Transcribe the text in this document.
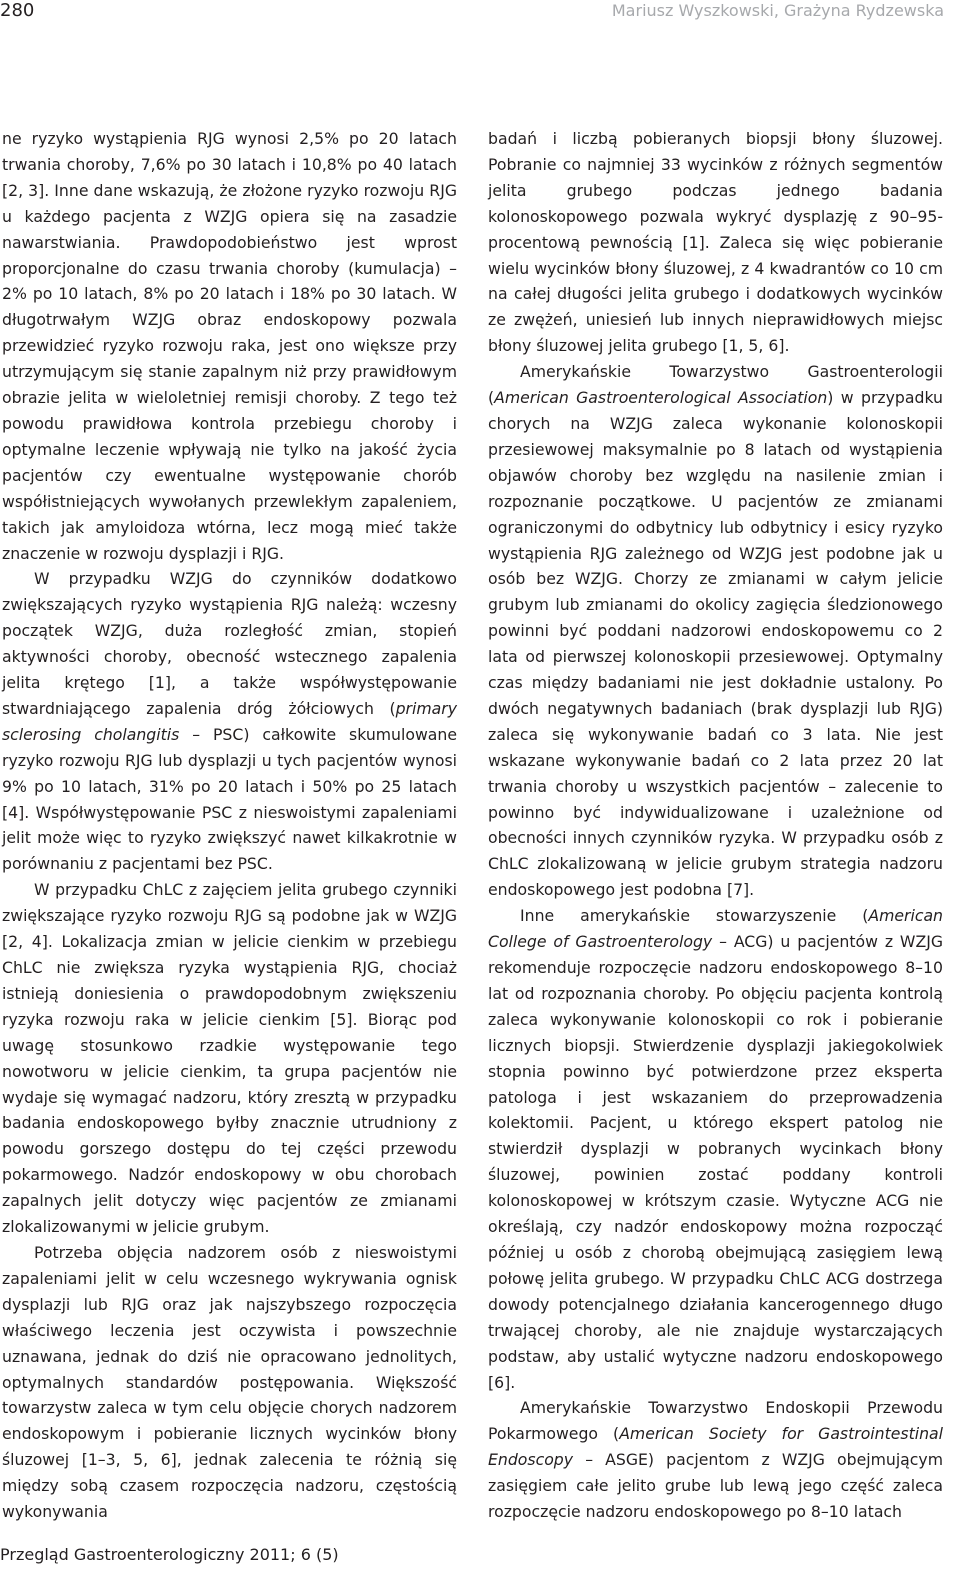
280	Mariusz Wyszkowski, Grażyna Rydzewska

ne ryzyko wystąpienia RJG wynosi 2,5% po 20 latach trwania choroby, 7,6% po 30 latach i 10,8% po 40 latach [2, 3]. Inne dane wskazują, że złożone ryzyko rozwoju RJG u każdego pacjenta z WZJG opiera się na zasadzie nawarstwiania. Prawdopodobieństwo jest wprost proporcjonalne do czasu trwania choroby (kumulacja) – 2% po 10 latach, 8% po 20 latach i 18% po 30 latach. W długotrwałym WZJG obraz endoskopowy pozwala przewidzieć ryzyko rozwoju raka, jest ono większe przy utrzymującym się stanie zapalnym niż przy prawidłowym obrazie jelita w wieloletniej remisji choroby. Z tego też powodu prawidłowa kontrola przebiegu choroby i optymalne leczenie wpływają nie tylko na jakość życia pacjentów czy ewentualne występowanie chorób współistniejących wywołanych przewlekłym zapaleniem, takich jak amyloidoza wtórna, lecz mogą mieć także znaczenie w rozwoju dysplazji i RJG.

W przypadku WZJG do czynników dodatkowo zwiększających ryzyko wystąpienia RJG należą: wczesny początek WZJG, duża rozległość zmian, stopień aktywności choroby, obecność wstecznego zapalenia jelita krętego [1], a także współwystępowanie stwardniającego zapalenia dróg żółciowych (primary sclerosing cholangitis – PSC) całkowite skumulowane ryzyko rozwoju RJG lub dysplazji u tych pacjentów wynosi 9% po 10 latach, 31% po 20 latach i 50% po 25 latach [4]. Współwystępowanie PSC z nieswoistymi zapaleniami jelit może więc to ryzyko zwiększyć nawet kilkakrotnie w porównaniu z pacjentami bez PSC.

W przypadku ChLC z zajęciem jelita grubego czynniki zwiększające ryzyko rozwoju RJG są podobne jak w WZJG [2, 4]. Lokalizacja zmian w jelicie cienkim w przebiegu ChLC nie zwiększa ryzyka wystąpienia RJG, chociaż istnieją doniesienia o prawdopodobnym zwiększeniu ryzyka rozwoju raka w jelicie cienkim [5]. Biorąc pod uwagę stosunkowo rzadkie występowanie tego nowotworu w jelicie cienkim, ta grupa pacjentów nie wydaje się wymagać nadzoru, który zresztą w przypadku badania endoskopowego byłby znacznie utrudniony z powodu gorszego dostępu do tej części przewodu pokarmowego. Nadzór endoskopowy w obu chorobach zapalnych jelit dotyczy więc pacjentów ze zmianami zlokalizowanymi w jelicie grubym.

Potrzeba objęcia nadzorem osób z nieswoistymi zapaleniami jelit w celu wczesnego wykrywania ognisk dysplazji lub RJG oraz jak najszybszego rozpoczęcia właściwego leczenia jest oczywista i powszechnie uznawana, jednak do dziś nie opracowano jednolitych, optymalnych standardów postępowania. Większość towarzystw zaleca w tym celu objęcie chorych nadzorem endoskopowym i pobieranie licznych wycinków błony śluzowej [1–3, 5, 6], jednak zalecenia te różnią się między sobą czasem rozpoczęcia nadzoru, częstością wykonywania

badań i liczbą pobieranych biopsji błony śluzowej. Pobranie co najmniej 33 wycinków z różnych segmentów jelita grubego podczas jednego badania kolonoskopowego pozwala wykryć dysplazję z 90–95-procentową pewnością [1]. Zaleca się więc pobieranie wielu wycinków błony śluzowej, z 4 kwadrantów co 10 cm na całej długości jelita grubego i dodatkowych wycinków ze zwężeń, uniesień lub innych nieprawidłowych miejsc błony śluzowej jelita grubego [1, 5, 6].

Amerykańskie Towarzystwo Gastroenterologii (American Gastroenterological Association) w przypadku chorych na WZJG zaleca wykonanie kolonoskopii przesiewowej maksymalnie po 8 latach od wystąpienia objawów choroby bez względu na nasilenie zmian i rozpoznanie początkowe. U pacjentów ze zmianami ograniczonymi do odbytnicy lub odbytnicy i esicy ryzyko wystąpienia RJG zależnego od WZJG jest podobne jak u osób bez WZJG. Chorzy ze zmianami w całym jelicie grubym lub zmianami do okolicy zagięcia śledzionowego powinni być poddani nadzorowi endoskopowemu co 2 lata od pierwszej kolonoskopii przesiewowej. Optymalny czas między badaniami nie jest dokładnie ustalony. Po dwóch negatywnych badaniach (brak dysplazji lub RJG) zaleca się wykonywanie badań co 3 lata. Nie jest wskazane wykonywanie badań co 2 lata przez 20 lat trwania choroby u wszystkich pacjentów – zalecenie to powinno być indywidualizowane i uzależnione od obecności innych czynników ryzyka. W przypadku osób z ChLC zlokalizowaną w jelicie grubym strategia nadzoru endoskopowego jest podobna [7].

Inne amerykańskie stowarzyszenie (American College of Gastroenterology – ACG) u pacjentów z WZJG rekomenduje rozpoczęcie nadzoru endoskopowego 8–10 lat od rozpoznania choroby. Po objęciu pacjenta kontrolą zaleca wykonywanie kolonoskopii co rok i pobieranie licznych biopsji. Stwierdzenie dysplazji jakiegokolwiek stopnia powinno być potwierdzone przez eksperta patologa i jest wskazaniem do przeprowadzenia kolektomii. Pacjent, u którego ekspert patolog nie stwierdził dysplazji w pobranych wycinkach błony śluzowej, powinien zostać poddany kontroli kolonoskopowej w krótszym czasie. Wytyczne ACG nie określają, czy nadzór endoskopowy można rozpocząć później u osób z chorobą obejmującą zasięgiem lewą połowę jelita grubego. W przypadku ChLC ACG dostrzega dowody potencjalnego działania kancerogennego długo trwającej choroby, ale nie znajduje wystarczających podstaw, aby ustalić wytyczne nadzoru endoskopowego [6].

Amerykańskie Towarzystwo Endoskopii Przewodu Pokarmowego (American Society for Gastrointestinal Endoscopy – ASGE) pacjentom z WZJG obejmującym zasięgiem całe jelito grube lub lewą jego część zaleca rozpoczęcie nadzoru endoskopowego po 8–10 latach

Przegląd Gastroenterologiczny 2011; 6 (5)
